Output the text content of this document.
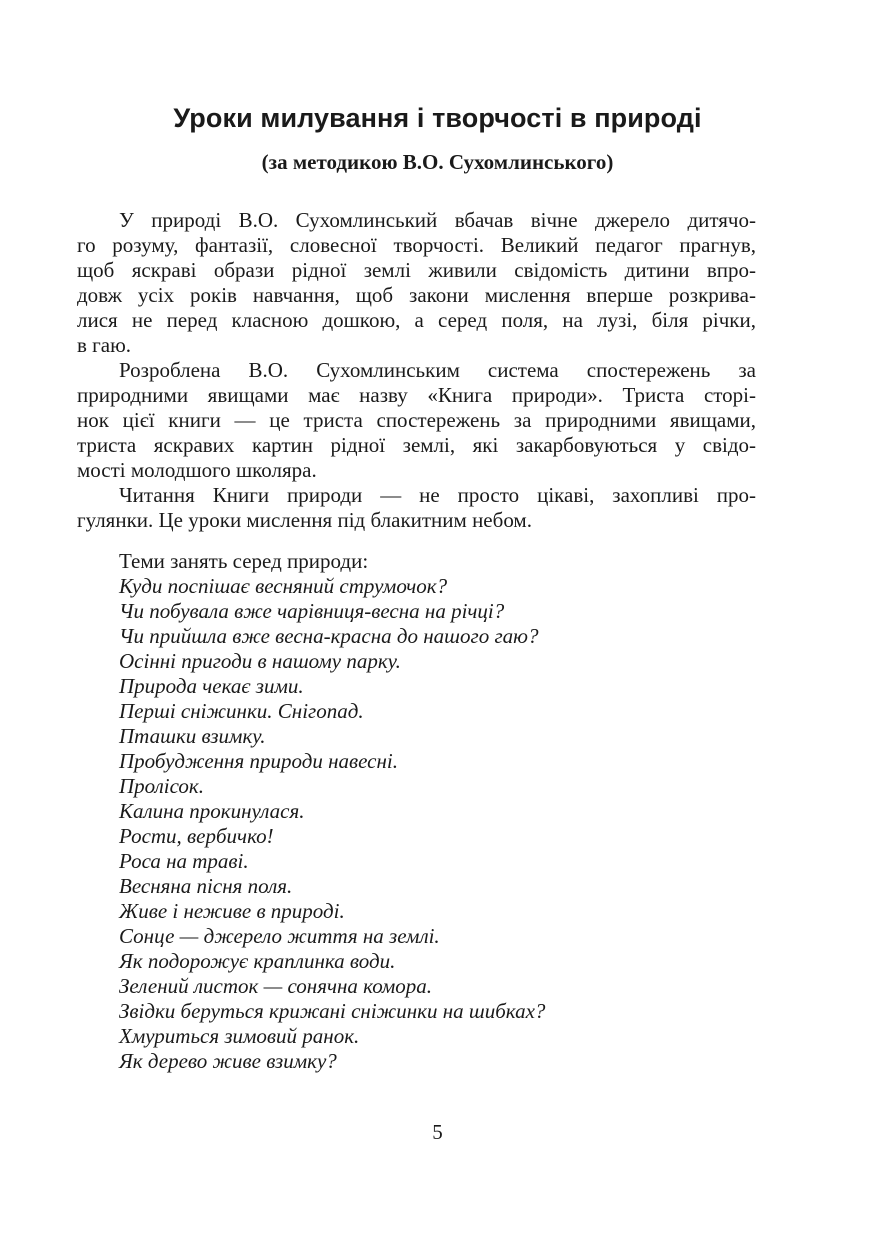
Уроки милування і творчості в природі
(за методикою В.О. Сухомлинського)
У природі В.О. Сухомлинський вбачав вічне джерело дитячо-
го розуму, фантазії, словесної творчості. Великий педагог прагнув,
щоб яскраві образи рідної землі живили свідомість дитини впро-
довж усіх років навчання, щоб закони мислення вперше розкрива-
лися не перед класною дошкою, а серед поля, на лузі, біля річки,
в гаю.
Розроблена В.О. Сухомлинським система спостережень за
природними явищами має назву «Книга природи». Триста сторі-
нок цієї книги — це триста спостережень за природними явищами,
триста яскравих картин рідної землі, які закарбовуються у свідо-
мості молодшого школяра.
Читання Книги природи — не просто цікаві, захопливі про-
гулянки. Це уроки мислення під блакитним небом.
Теми занять серед природи:
Куди поспішає весняний струмочок?
Чи побувала вже чарівниця-весна на річці?
Чи прийшла вже весна-красна до нашого гаю?
Осінні пригоди в нашому парку.
Природа чекає зими.
Перші сніжинки. Снігопад.
Пташки взимку.
Пробудження природи навесні.
Пролісок.
Калина прокинулася.
Рости, вербичко!
Роса на траві.
Весняна пісня поля.
Живе і неживе в природі.
Сонце — джерело життя на землі.
Як подорожує краплинка води.
Зелений листок — сонячна комора.
Звідки беруться крижані сніжинки на шибках?
Хмуриться зимовий ранок.
Як дерево живе взимку?
5
